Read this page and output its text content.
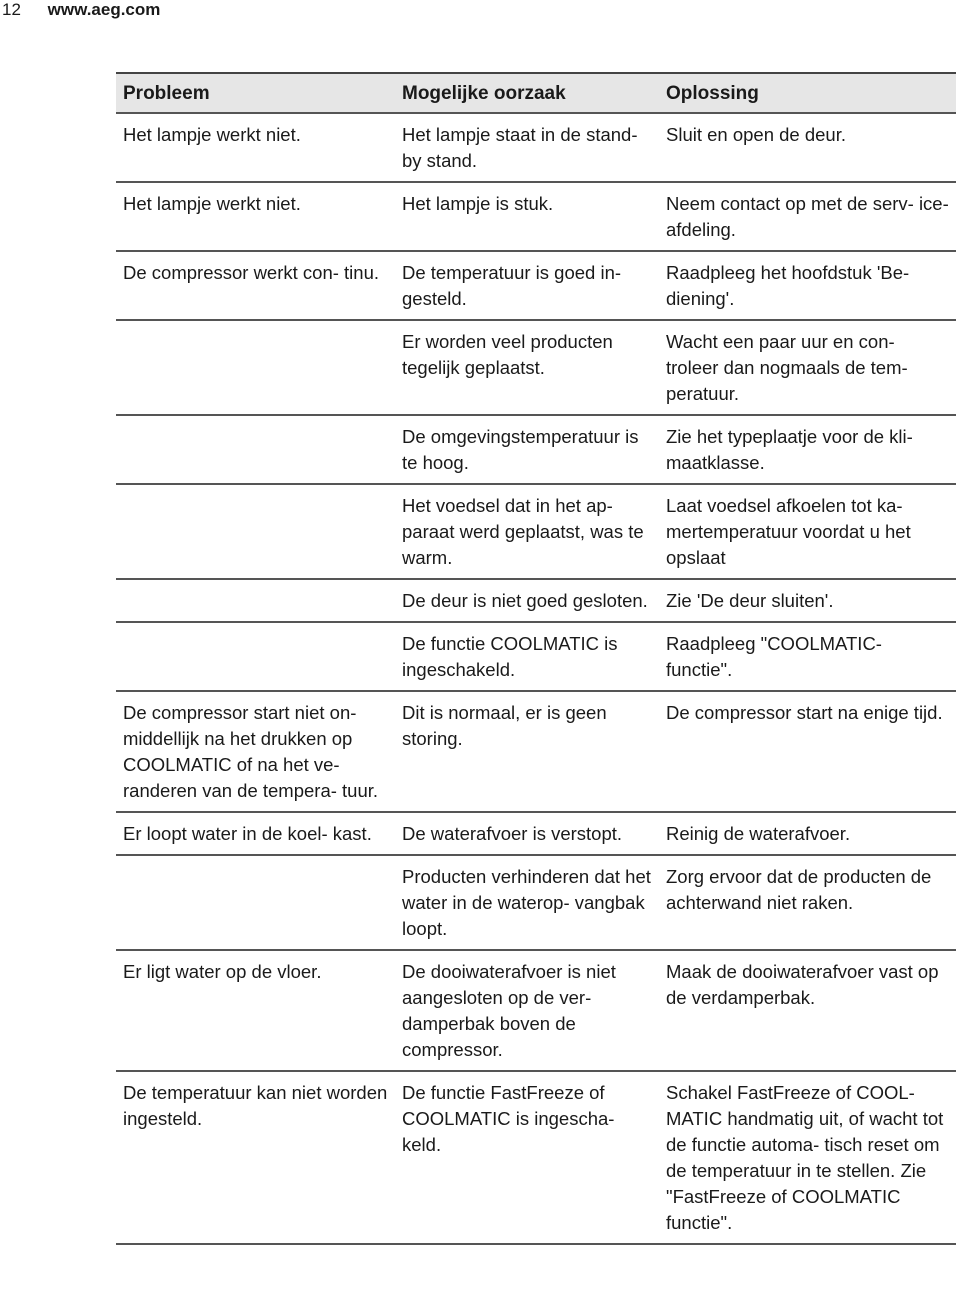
12 www.aeg.com
Probleem	Mogelijke oorzaak	Oplossing
Het lampje werkt niet.	Het lampje staat in de stand-by stand.	Sluit en open de deur.
Het lampje werkt niet.	Het lampje is stuk.	Neem contact op met de serv- ice-afdeling.
De compressor werkt con- tinu.	De temperatuur is goed in- gesteld.	Raadpleeg het hoofdstuk 'Be- diening'.
	Er worden veel producten tegelijk geplaatst.	Wacht een paar uur en con- troleer dan nogmaals de tem- peratuur.
	De omgevingstemperatuur is te hoog.	Zie het typeplaatje voor de kli- maatklasse.
	Het voedsel dat in het ap- paraat werd geplaatst, was te warm.	Laat voedsel afkoelen tot ka- mertemperatuur voordat u het opslaat
	De deur is niet goed gesloten.	Zie 'De deur sluiten'.
	De functie COOLMATIC is ingeschakeld.	Raadpleeg "COOLMATIC- functie".
De compressor start niet on- middellijk na het drukken op COOLMATIC of na het ve- randeren van de tempera- tuur.	Dit is normaal, er is geen storing.	De compressor start na enige tijd.
Er loopt water in de koel- kast.	De waterafvoer is verstopt.	Reinig de waterafvoer.
	Producten verhinderen dat het water in de waterop- vangbak loopt.	Zorg ervoor dat de producten de achterwand niet raken.
Er ligt water op de vloer.	De dooiwaterafvoer is niet aangesloten op de ver- damperbak boven de compressor.	Maak de dooiwaterafvoer vast op de verdamperbak.
De temperatuur kan niet worden ingesteld.	De functie FastFreeze of COOLMATIC is ingescha- keld.	Schakel FastFreeze of COOL- MATIC handmatig uit, of wacht tot de functie automa- tisch reset om de temperatuur in te stellen. Zie "FastFreeze of COOLMATIC functie".
